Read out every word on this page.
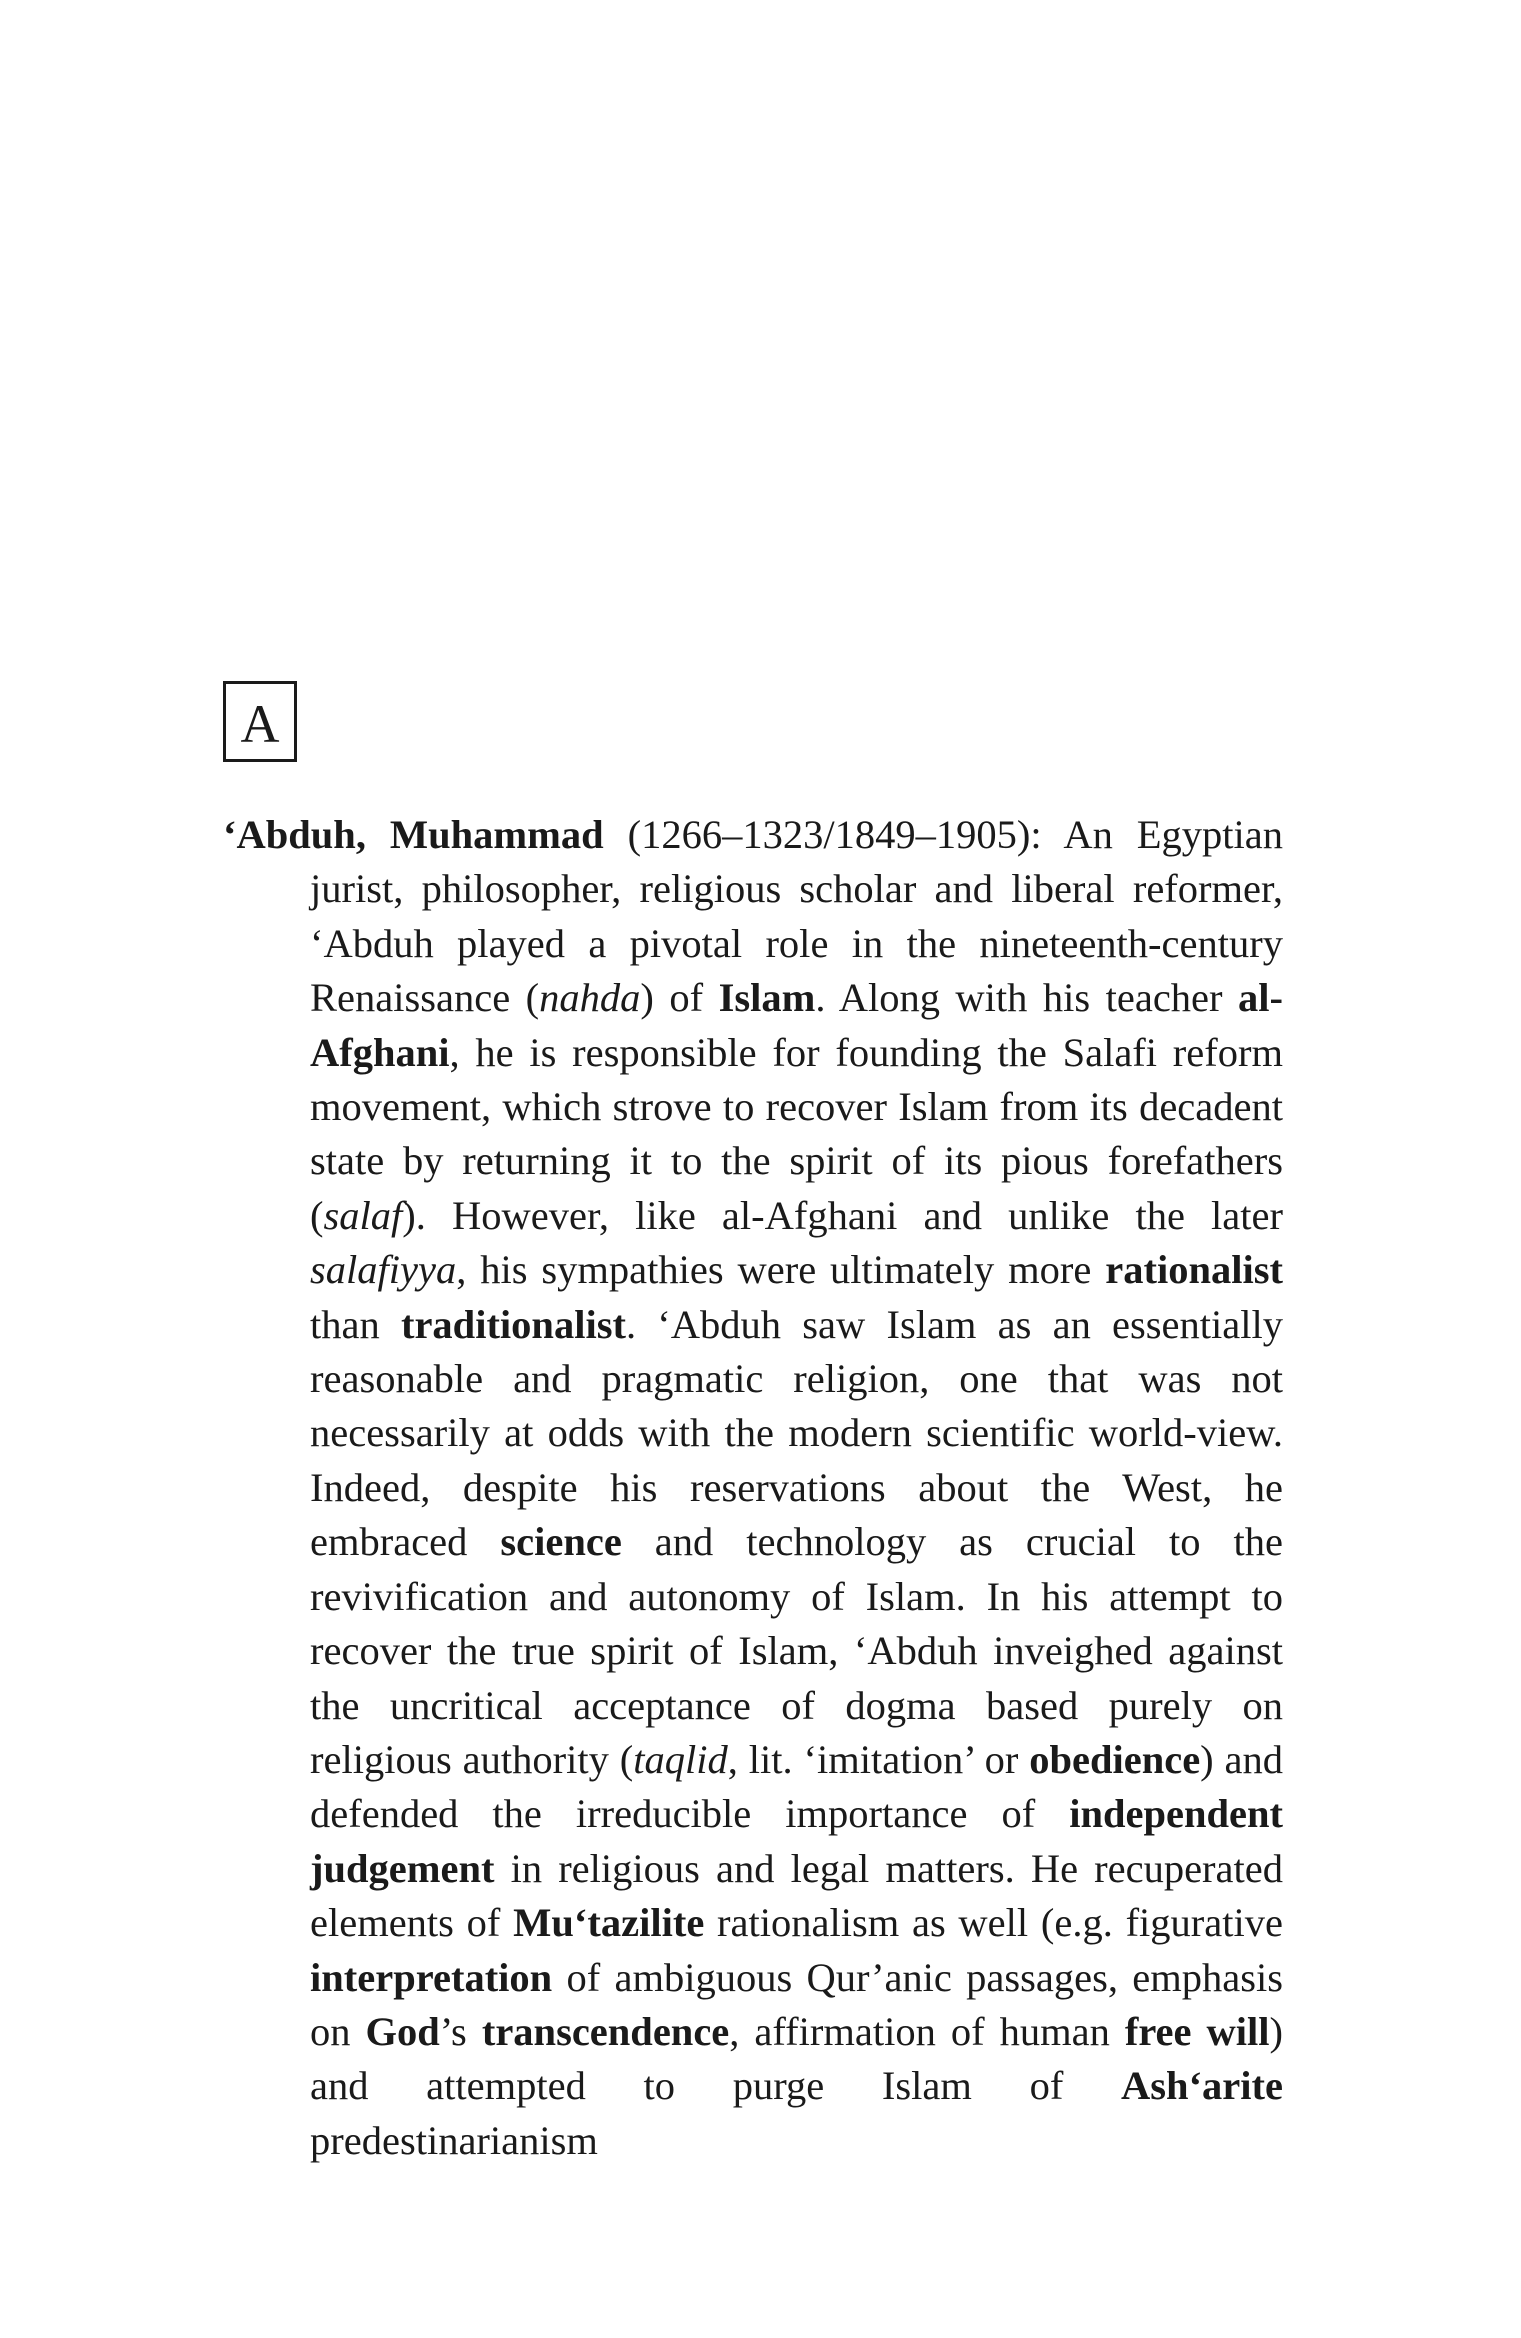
A

‘Abduh, Muhammad (1266–1323/1849–1905): An Egyptian jurist, philosopher, religious scholar and liberal reformer, ‘Abduh played a pivotal role in the nineteenth-century Renaissance (nahda) of Islam. Along with his teacher al-Afghani, he is responsible for founding the Salafi reform movement, which strove to recover Islam from its decadent state by returning it to the spirit of its pious forefathers (salaf). However, like al-Afghani and unlike the later salafiyya, his sympathies were ultimately more rationalist than traditionalist. ‘Abduh saw Islam as an essentially reasonable and pragmatic religion, one that was not necessarily at odds with the modern scientific world-view. Indeed, despite his reservations about the West, he embraced science and technology as crucial to the revivification and autonomy of Islam. In his attempt to recover the true spirit of Islam, ‘Abduh inveighed against the uncritical acceptance of dogma based purely on religious authority (taqlid, lit. ‘imitation’ or obedience) and defended the irreducible importance of independent judgement in religious and legal matters. He recuperated elements of Mu‘tazilite rationalism as well (e.g. figurative interpretation of ambiguous Qur’anic passages, emphasis on God’s transcendence, affirmation of human free will) and attempted to purge Islam of Ash‘arite predestinarianism
